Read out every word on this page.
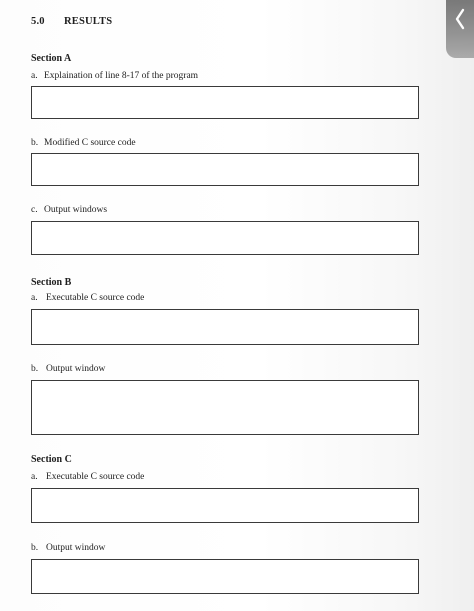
5.0 RESULTS
Section A
a. Explaination of line 8-17 of the program
b. Modified C source code
c. Output windows
Section B
a. Executable C source code
b. Output window
Section C
a. Executable C source code
b. Output window
